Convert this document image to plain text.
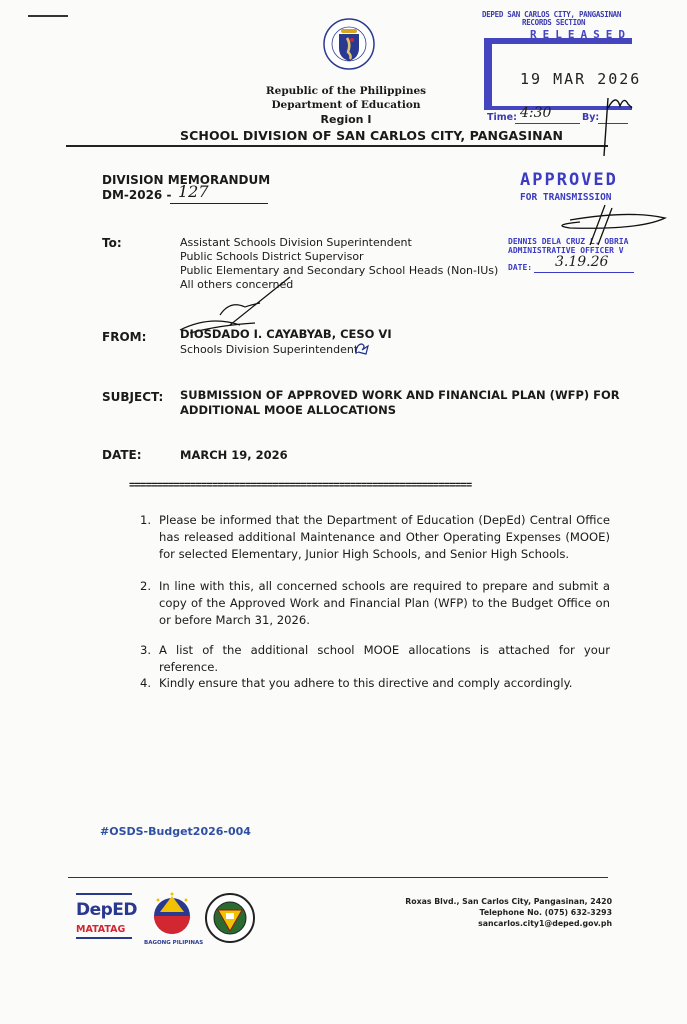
Republic of the Philippines
Department of Education
Region I
SCHOOL DIVISION OF SAN CARLOS CITY, PANGASINAN
DEPED SAN CARLOS CITY, PANGASINAN
RECORDS SECTION
RELEASED
19 MAR 2026
Time: 4:30	By:
APPROVED
FOR TRANSMISSION
DENNIS DELA CRUZ L. OBRIA
ADMINISTRATIVE OFFICER V
DATE: 3.19.26
DIVISION MEMORANDUM
DM-2026 - 127
To:	Assistant Schools Division Superintendent
Public Schools District Supervisor
Public Elementary and Secondary School Heads (Non-IUs)
All others concerned
FROM:	DIOSDADO I. CAYABYAB, CESO VI
Schools Division Superintendent
SUBJECT: SUBMISSION OF APPROVED WORK AND FINANCIAL PLAN (WFP) FOR ADDITIONAL MOOE ALLOCATIONS
DATE:	MARCH 19, 2026
==============================================================
1. Please be informed that the Department of Education (DepEd) Central Office has released additional Maintenance and Other Operating Expenses (MOOE) for selected Elementary, Junior High Schools, and Senior High Schools.
2. In line with this, all concerned schools are required to prepare and submit a copy of the Approved Work and Financial Plan (WFP) to the Budget Office on or before March 31, 2026.
3. A list of the additional school MOOE allocations is attached for your reference.
4. Kindly ensure that you adhere to this directive and comply accordingly.
#OSDS-Budget2026-004
DepED
MATATAG
BAGONG PILIPINAS
Roxas Blvd., San Carlos City, Pangasinan, 2420
Telephone No. (075) 632-3293
sancarlos.city1@deped.gov.ph
